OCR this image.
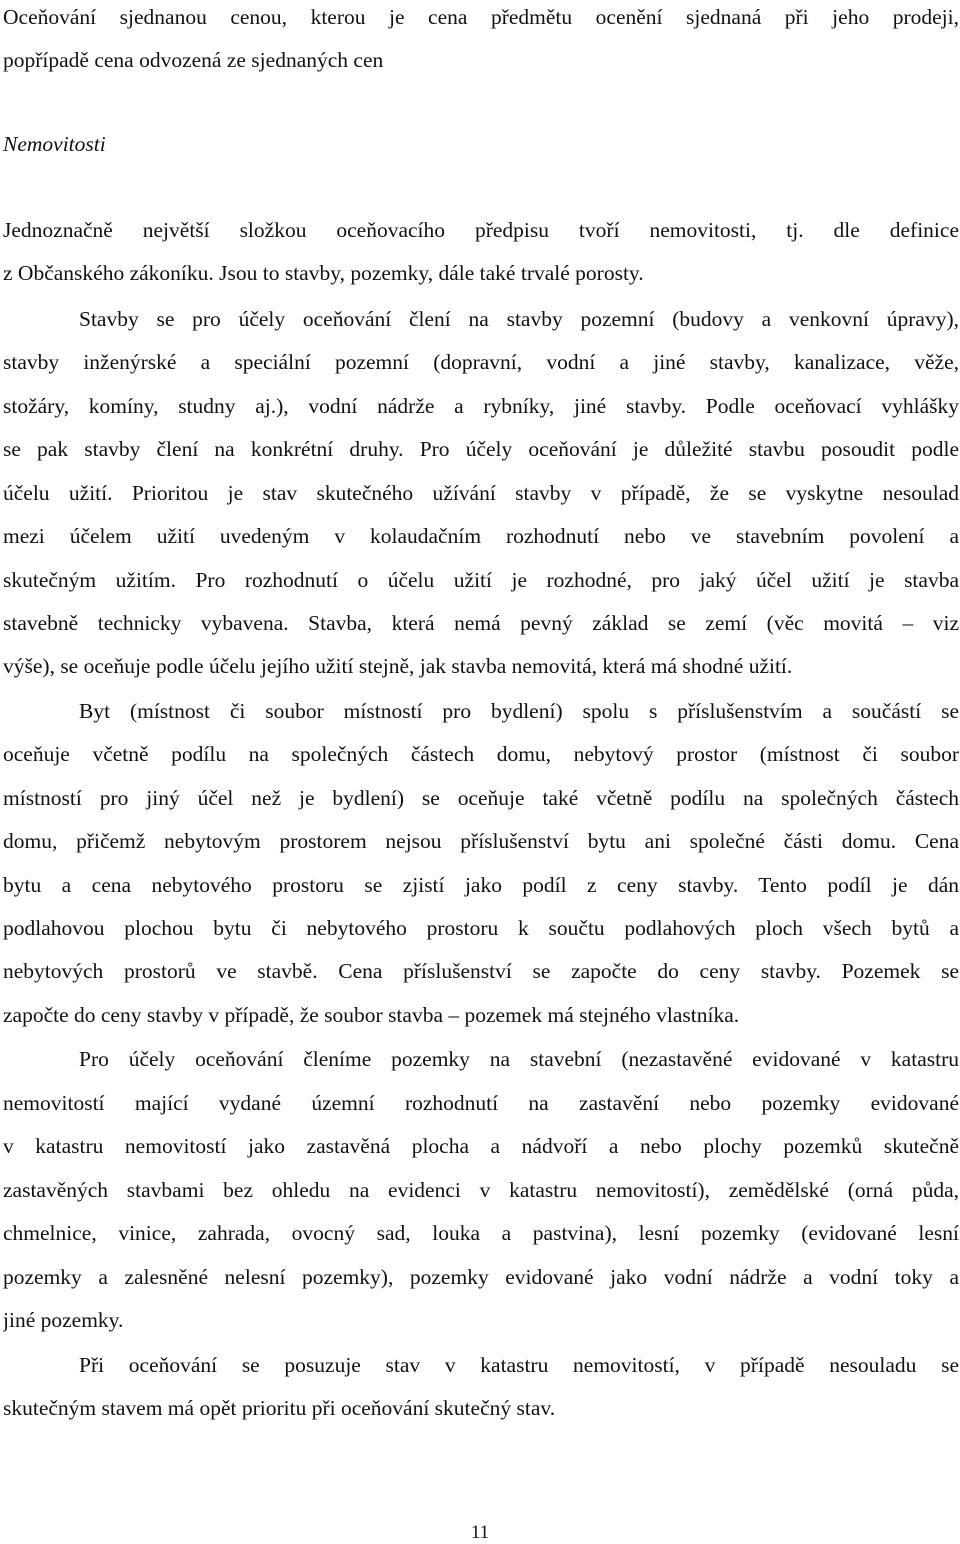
Oceňování sjednanou cenou, kterou je cena předmětu ocenění sjednaná při jeho prodeji,
popřípadě cena odvozená ze sjednaných cen
Nemovitosti
Jednoznačně největší složkou oceňovacího předpisu tvoří nemovitosti, tj. dle definice
z Občanského zákoníku. Jsou to stavby, pozemky, dále také trvalé porosty.
Stavby se pro účely oceňování člení na stavby pozemní (budovy a venkovní úpravy),
stavby inženýrské a speciální pozemní (dopravní, vodní a jiné stavby, kanalizace, věže,
stožáry, komíny, studny aj.), vodní nádrže a rybníky, jiné stavby. Podle oceňovací vyhlášky
se pak stavby člení na konkrétní druhy. Pro účely oceňování je důležité stavbu posoudit podle
účelu užití. Prioritou je stav skutečného užívání stavby v případě, že se vyskytne nesoulad
mezi účelem užití uvedeným v kolaudačním rozhodnutí nebo ve stavebním povolení a
skutečným užitím. Pro rozhodnutí o účelu užití je rozhodné, pro jaký účel užití je stavba
stavebně technicky vybavena. Stavba, která nemá pevný základ se zemí (věc movitá – viz
výše), se oceňuje podle účelu jejího užití stejně, jak stavba nemovitá, která má shodné užití.
Byt (místnost či soubor místností pro bydlení) spolu s příslušenstvím a součástí se
oceňuje včetně podílu na společných částech domu, nebytový prostor (místnost či soubor
místností pro jiný účel než je bydlení) se oceňuje také včetně podílu na společných částech
domu, přičemž nebytovým prostorem nejsou příslušenství bytu ani společné části domu. Cena
bytu a cena nebytového prostoru se zjistí jako podíl z ceny stavby. Tento podíl je dán
podlahovou plochou bytu či nebytového prostoru k součtu podlahových ploch všech bytů a
nebytových prostorů ve stavbě. Cena příslušenství se započte do ceny stavby. Pozemek se
započte do ceny stavby v případě, že soubor stavba – pozemek má stejného vlastníka.
Pro účely oceňování členíme pozemky na stavební (nezastavěné evidované v katastru
nemovitostí mající vydané územní rozhodnutí na zastavění nebo pozemky evidované
v katastru nemovitostí jako zastavěná plocha a nádvoří a nebo plochy pozemků skutečně
zastavěných stavbami bez ohledu na evidenci v katastru nemovitostí), zemědělské (orná půda,
chmelnice, vinice, zahrada, ovocný sad, louka a pastvina), lesní pozemky (evidované lesní
pozemky a zalesněné nelesní pozemky), pozemky evidované jako vodní nádrže a vodní toky a
jiné pozemky.
Při oceňování se posuzuje stav v katastru nemovitostí, v případě nesouladu se
skutečným stavem má opět prioritu při oceňování skutečný stav.
11
